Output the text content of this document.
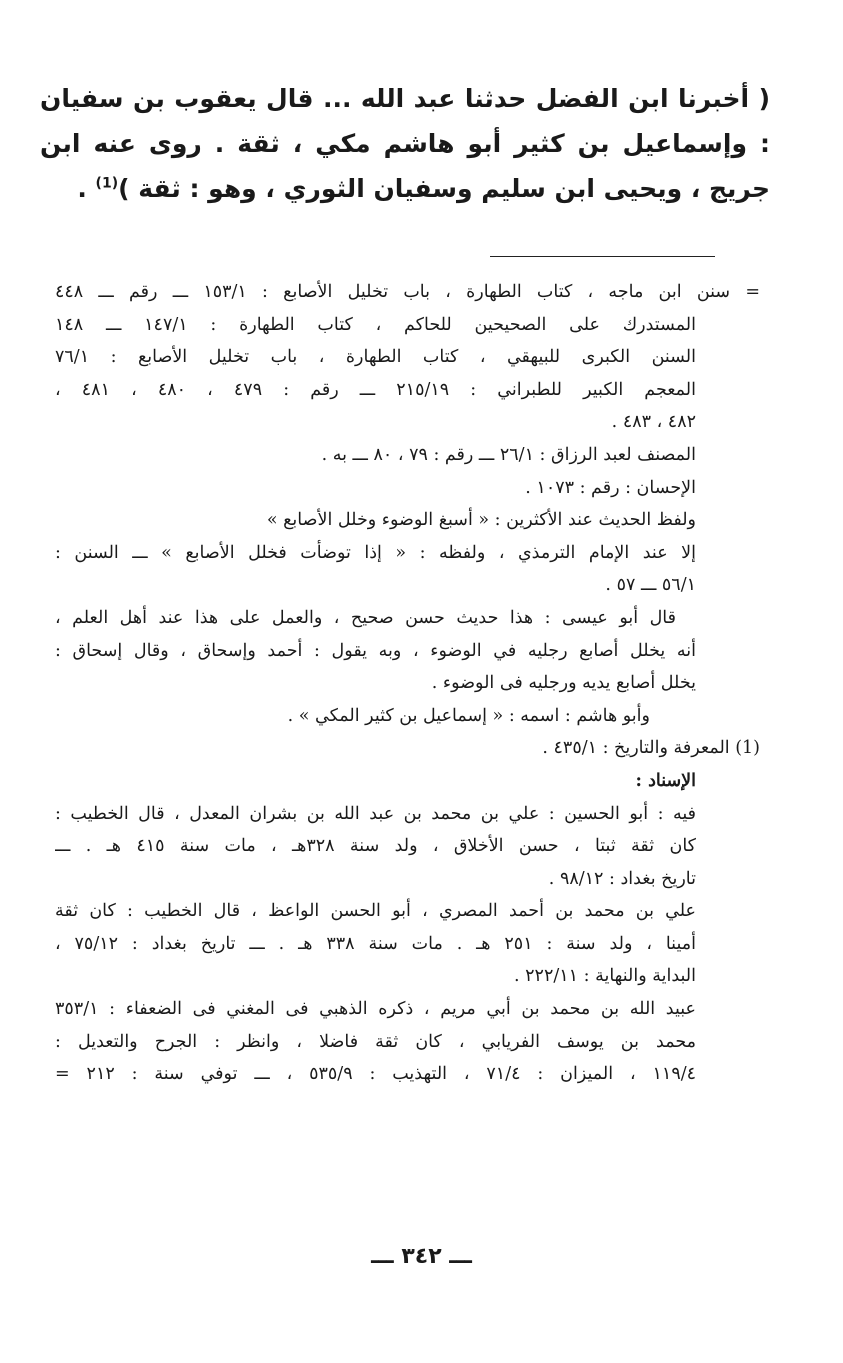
( أخبرنا ابن الفضل حدثنا عبد الله ... قال يعقوب بن سفيان : وإسماعيل بن كثير أبو هاشم مكي ، ثقة . روى عنه ابن جريج ، ويحيى ابن سليم وسفيان الثوري ، وهو : ثقة )$^{(1)}$ .
= سنن ابن ماجه ، كتاب الطهارة ، باب تخليل الأصابع : ١٥٣/١ ـــ رقم ـــ ٤٤٨
المستدرك على الصحيحين للحاكم ، كتاب الطهارة : ١٤٧/١ ـــ ١٤٨
السنن الكبرى للبيهقي ، كتاب الطهارة ، باب تخليل الأصابع : ٧٦/١
المعجم الكبير للطبراني : ٢١٥/١٩ ـــ رقم : ٤٧٩ ، ٤٨٠ ، ٤٨١ ،
٤٨٢ ، ٤٨٣ .
المصنف لعبد الرزاق : ٢٦/١ ـــ رقم : ٧٩ ، ٨٠ ـــ به .
الإحسان : رقم : ١٠٧٣ .
ولفظ الحديث عند الأكثرين : « أسبغ الوضوء وخلل الأصابع »
إلا عند الإمام الترمذي ، ولفظه : « إذا توضأت فخلل الأصابع » ـــ السنن :
٥٦/١ ـــ ٥٧ .
قال أبو عيسى : هذا حديث حسن صحيح ، والعمل على هذا عند أهل العلم ،
أنه يخلل أصابع رجليه في الوضوء ، وبه يقول : أحمد وإسحاق ، وقال إسحاق :
يخلل أصابع يديه ورجليه فى الوضوء .
وأبو هاشم : اسمه : « إسماعيل بن كثير المكي » .
(1) المعرفة والتاريخ : ٤٣٥/١ .
الإسناد :
فيه : أبو الحسين : علي بن محمد بن عبد الله بن بشران المعدل ، قال الخطيب :
كان ثقة ثبتا ، حسن الأخلاق ، ولد سنة ٣٢٨هـ ، مات سنة ٤١٥ هـ . ـــ
تاريخ بغداد : ٩٨/١٢ .
علي بن محمد بن أحمد المصري ، أبو الحسن الواعظ ، قال الخطيب : كان ثقة
أمينا ، ولد سنة : ٢٥١ هـ . مات سنة ٣٣٨ هـ . ـــ تاريخ بغداد : ٧٥/١٢ ،
البداية والنهاية : ٢٢٢/١١ .
عبيد الله بن محمد بن أبي مريم ، ذكره الذهبي فى المغني فى الضعفاء : ٣٥٣/١
محمد بن يوسف الفريابي ، كان ثقة فاضلا ، وانظر : الجرح والتعديل :
١١٩/٤ ، الميزان : ٧١/٤ ، التهذيب : ٥٣٥/٩ ، ـــ توفي سنة : ٢١٢ =
ـــ ٣٤٢ ـــ
